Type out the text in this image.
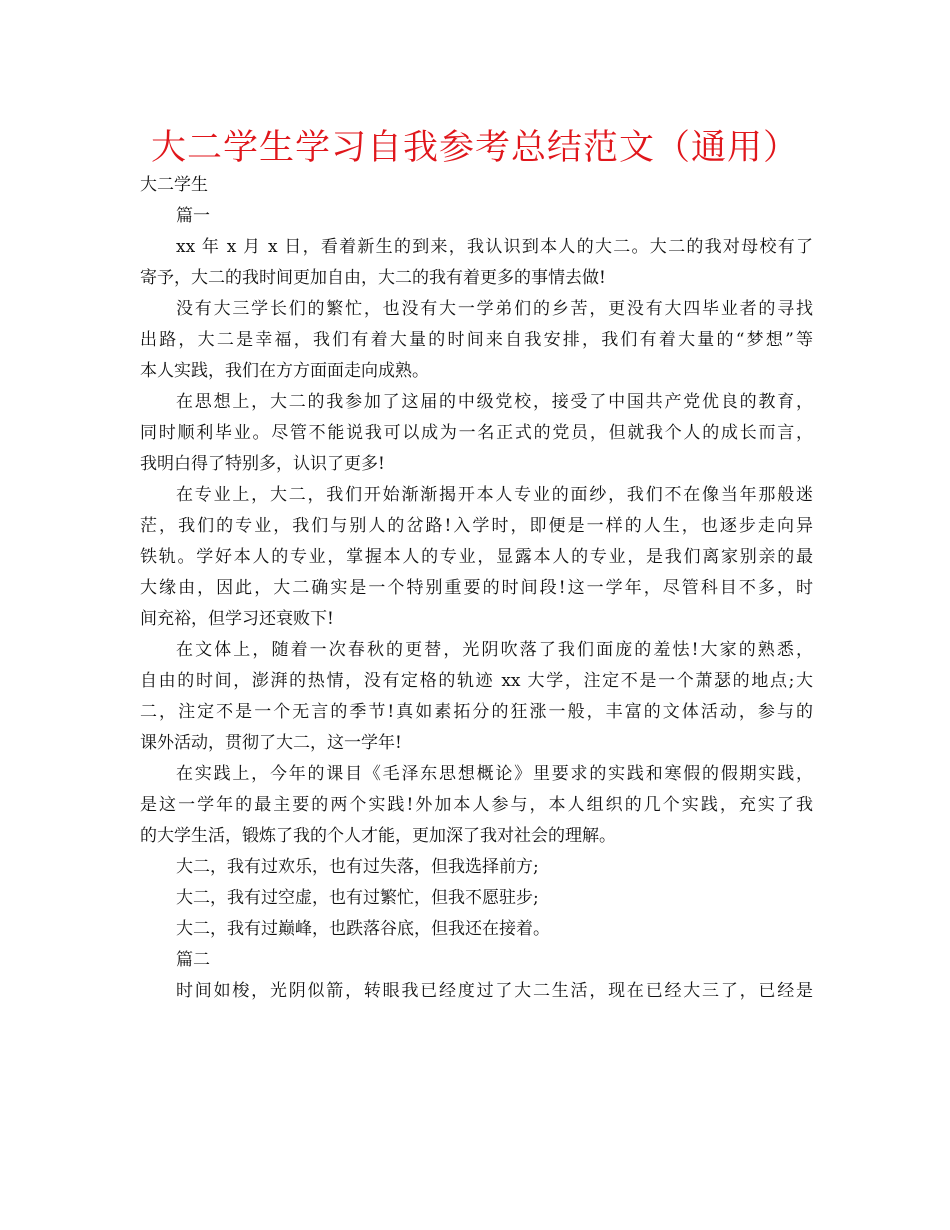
大二学生学习自我参考总结范文（通用）
大二学生
篇一
xx 年 x 月 x 日，看着新生的到来，我认识到本人的大二。大二的我对母校有了
寄予，大二的我时间更加自由，大二的我有着更多的事情去做!
没有大三学长们的繁忙，也没有大一学弟们的乡苦，更没有大四毕业者的寻找
出路，大二是幸福，我们有着大量的时间来自我安排，我们有着大量的“梦想”等
本人实践，我们在方方面面走向成熟。
在思想上，大二的我参加了这届的中级党校，接受了中国共产党优良的教育，
同时顺利毕业。尽管不能说我可以成为一名正式的党员，但就我个人的成长而言，
我明白得了特别多，认识了更多!
在专业上，大二，我们开始渐渐揭开本人专业的面纱，我们不在像当年那般迷
茫，我们的专业，我们与别人的岔路!入学时，即便是一样的人生，也逐步走向异
铁轨。学好本人的专业，掌握本人的专业，显露本人的专业，是我们离家别亲的最
大缘由，因此，大二确实是一个特别重要的时间段!这一学年，尽管科目不多，时
间充裕，但学习还衰败下!
在文体上，随着一次春秋的更替，光阴吹落了我们面庞的羞怯!大家的熟悉，
自由的时间，澎湃的热情，没有定格的轨迹 xx 大学，注定不是一个萧瑟的地点;大
二，注定不是一个无言的季节!真如素拓分的狂涨一般，丰富的文体活动，参与的
课外活动，贯彻了大二，这一学年!
在实践上，今年的课目《毛泽东思想概论》里要求的实践和寒假的假期实践，
是这一学年的最主要的两个实践!外加本人参与，本人组织的几个实践，充实了我
的大学生活，锻炼了我的个人才能，更加深了我对社会的理解。
大二，我有过欢乐，也有过失落，但我选择前方;
大二，我有过空虚，也有过繁忙，但我不愿驻步;
大二，我有过巅峰，也跌落谷底，但我还在接着。
篇二
时间如梭，光阴似箭，转眼我已经度过了大二生活，现在已经大三了，已经是
